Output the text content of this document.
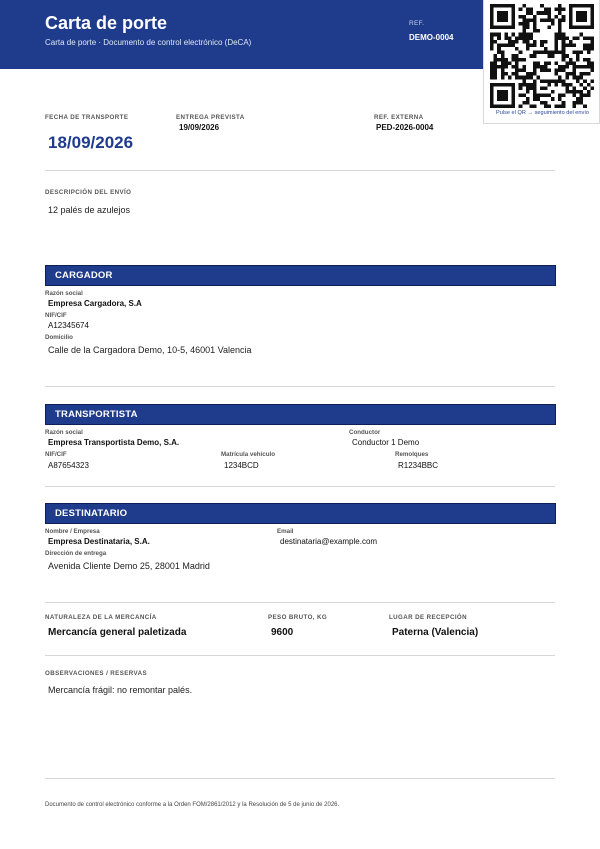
Carta de porte
Carta de porte · Documento de control electrónico (DeCA)
REF.
DEMO-0004
Pulse el QR → seguimiento del envío
FECHA DE TRANSPORTE
18/09/2026
ENTREGA PREVISTA
19/09/2026
REF. EXTERNA
PED-2026-0004
DESCRIPCIÓN DEL ENVÍO
12 palés de azulejos
CARGADOR
Razón social
Empresa Cargadora, S.A
NIF/CIF
A12345674
Domicilio
Calle de la Cargadora Demo, 10-5, 46001 Valencia
TRANSPORTISTA
Razón social
Empresa Transportista Demo, S.A.
Conductor
Conductor 1 Demo
NIF/CIF
A87654323
Matrícula vehículo
1234BCD
Remolques
R1234BBC
DESTINATARIO
Nombre / Empresa
Empresa Destinataria, S.A.
Email
destinataria@example.com
Dirección de entrega
Avenida Cliente Demo 25, 28001 Madrid
NATURALEZA DE LA MERCANCÍA
Mercancía general paletizada
PESO BRUTO, KG
9600
LUGAR DE RECEPCIÓN
Paterna (Valencia)
OBSERVACIONES / RESERVAS
Mercancía frágil: no remontar palés.
Documento de control electrónico conforme a la Orden FOM/2861/2012 y la Resolución de 5 de junio de 2026.
